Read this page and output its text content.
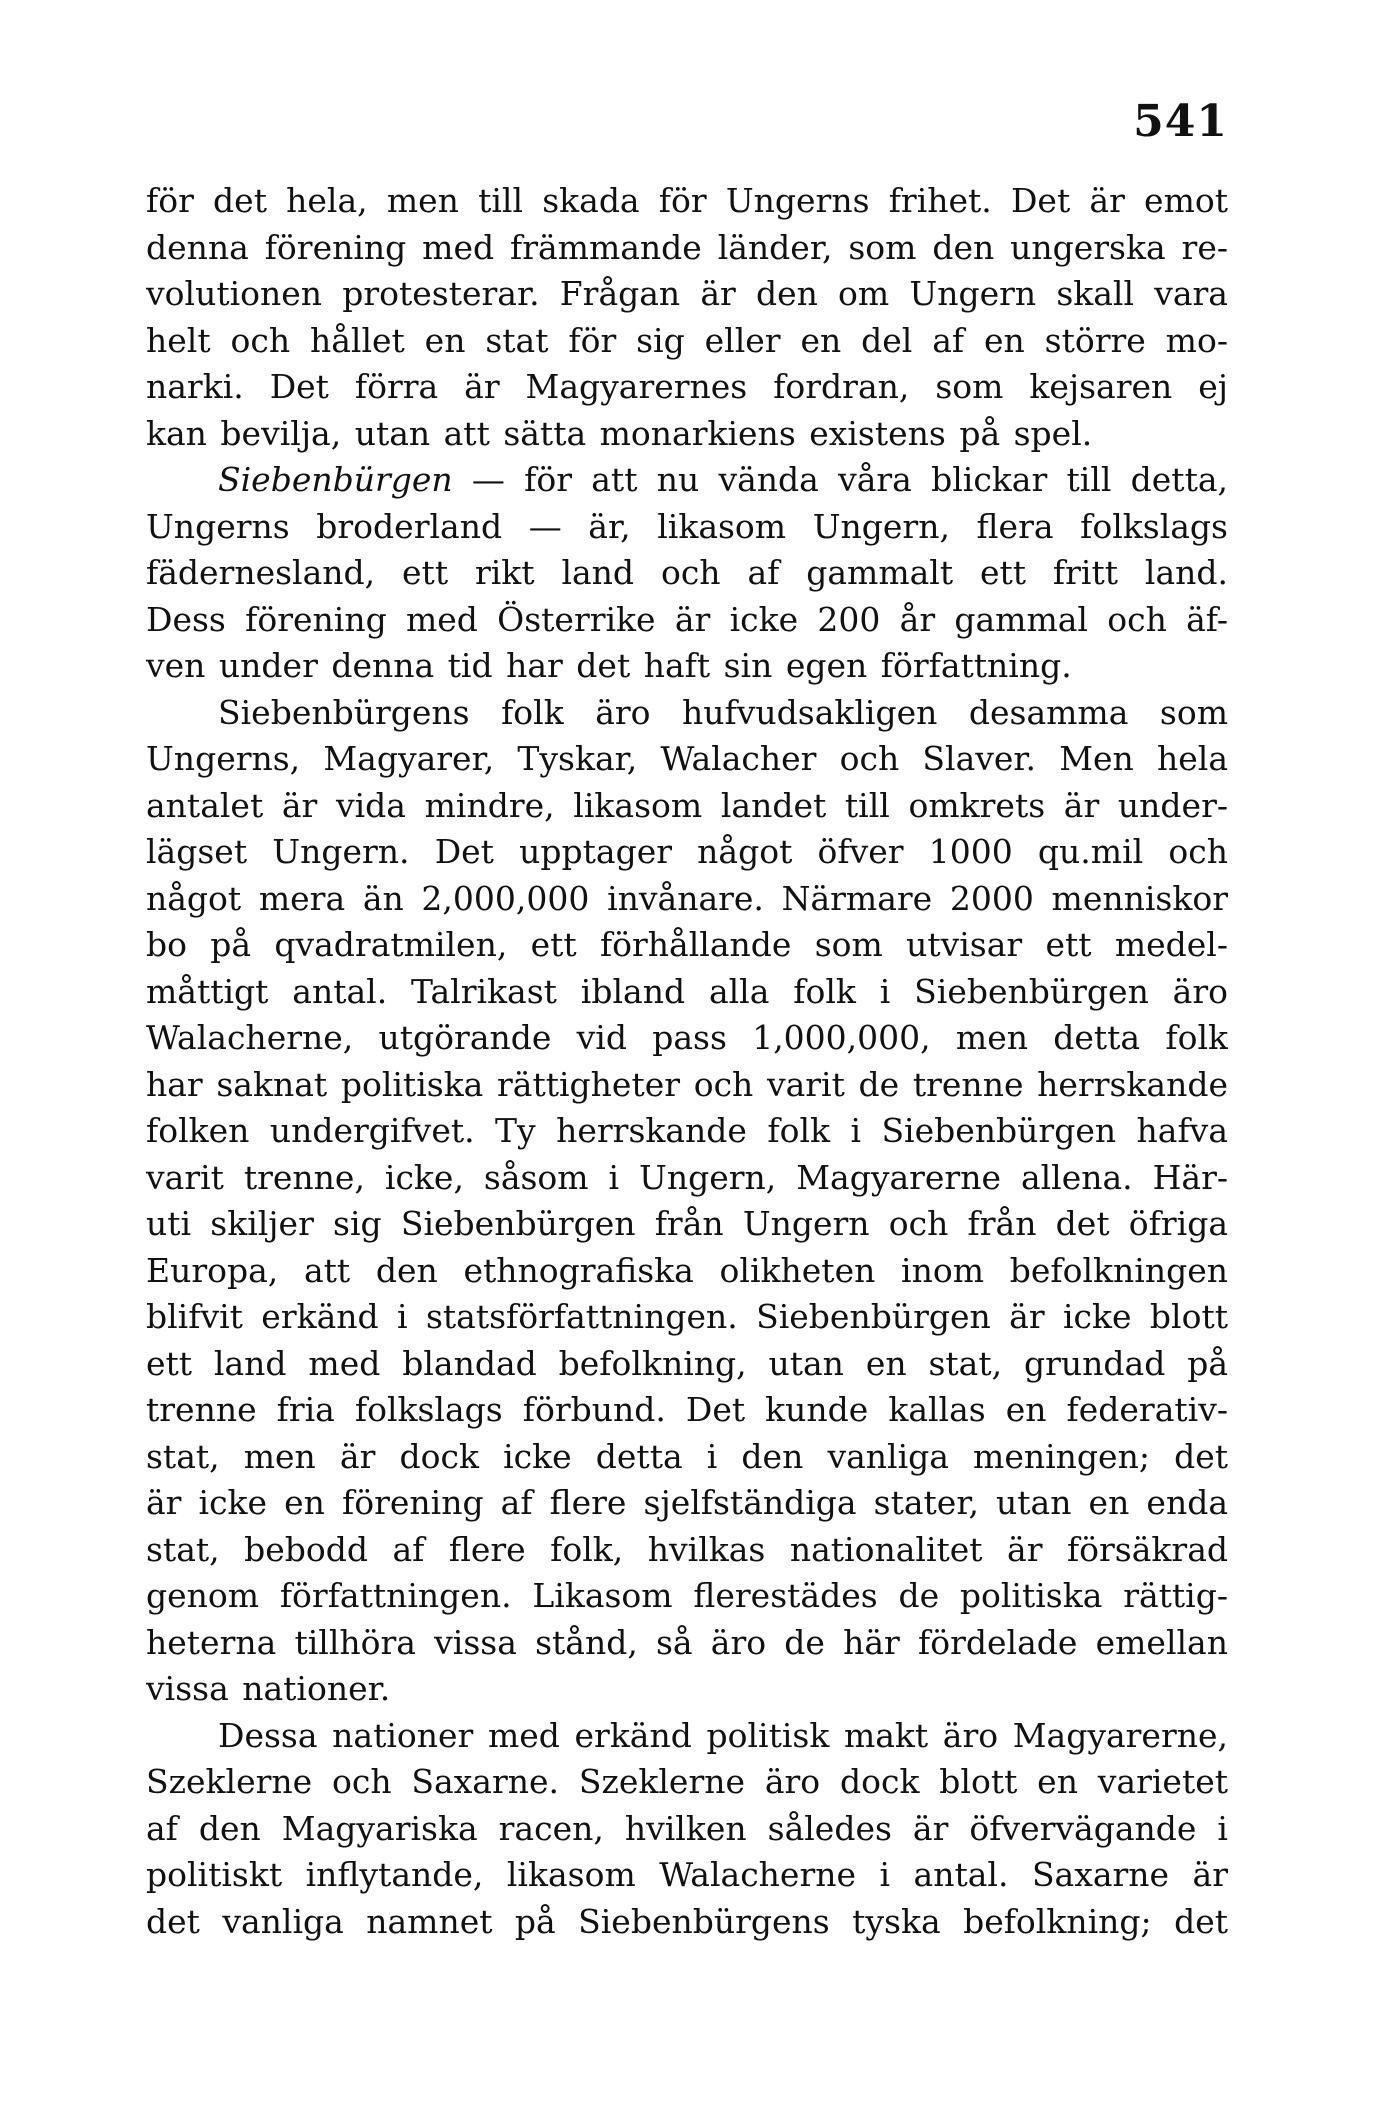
541
för det hela, men till skada för Ungerns frihet. Det är emot
denna förening med främmande länder, som den ungerska re-
volutionen protesterar. Frågan är den om Ungern skall vara
helt och hållet en stat för sig eller en del af en större mo-
narki. Det förra är Magyarernes fordran, som kejsaren ej
kan bevilja, utan att sätta monarkiens existens på spel.
Siebenbürgen — för att nu vända våra blickar till detta,
Ungerns broderland — är, likasom Ungern, flera folkslags
fädernesland, ett rikt land och af gammalt ett fritt land.
Dess förening med Österrike är icke 200 år gammal och äf-
ven under denna tid har det haft sin egen författning.
Siebenbürgens folk äro hufvudsakligen desamma som
Ungerns, Magyarer, Tyskar, Walacher och Slaver. Men hela
antalet är vida mindre, likasom landet till omkrets är under-
lägset Ungern. Det upptager något öfver 1000 qu.mil och
något mera än 2,000,000 invånare. Närmare 2000 menniskor
bo på qvadratmilen, ett förhållande som utvisar ett medel-
måttigt antal. Talrikast ibland alla folk i Siebenbürgen äro
Walacherne, utgörande vid pass 1,000,000, men detta folk
har saknat politiska rättigheter och varit de trenne herrskande
folken undergifvet. Ty herrskande folk i Siebenbürgen hafva
varit trenne, icke, såsom i Ungern, Magyarerne allena. Här-
uti skiljer sig Siebenbürgen från Ungern och från det öfriga
Europa, att den ethnografiska olikheten inom befolkningen
blifvit erkänd i statsförfattningen. Siebenbürgen är icke blott
ett land med blandad befolkning, utan en stat, grundad på
trenne fria folkslags förbund. Det kunde kallas en federativ-
stat, men är dock icke detta i den vanliga meningen; det
är icke en förening af flere sjelfständiga stater, utan en enda
stat, bebodd af flere folk, hvilkas nationalitet är försäkrad
genom författningen. Likasom flerestädes de politiska rättig-
heterna tillhöra vissa stånd, så äro de här fördelade emellan
vissa nationer.
Dessa nationer med erkänd politisk makt äro Magyarerne,
Szeklerne och Saxarne. Szeklerne äro dock blott en varietet
af den Magyariska racen, hvilken således är öfvervägande i
politiskt inflytande, likasom Walacherne i antal. Saxarne är
det vanliga namnet på Siebenbürgens tyska befolkning; det
